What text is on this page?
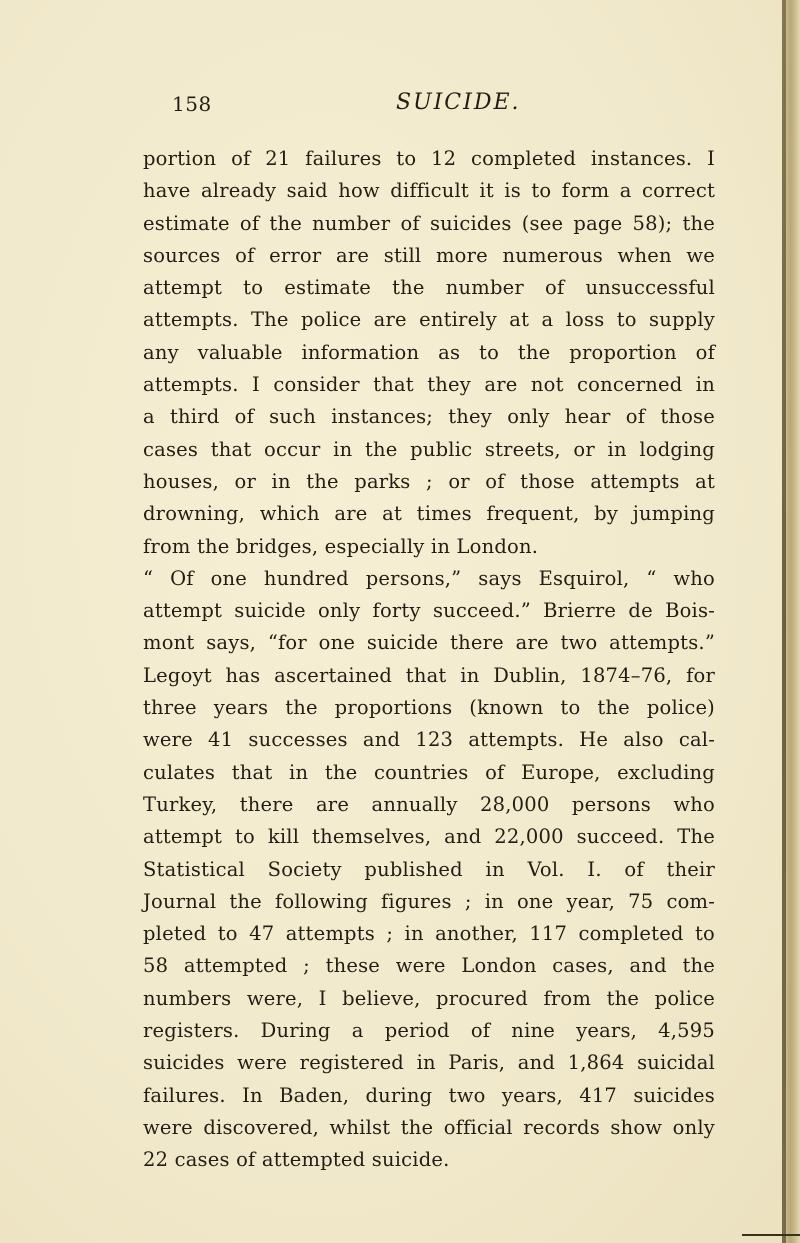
158	SUICIDE.
portion of 21 failures to 12 completed instances. I
have already said how difficult it is to form a correct
estimate of the number of suicides (see page 58); the
sources of error are still more numerous when we
attempt to estimate the number of unsuccessful
attempts. The police are entirely at a loss to supply
any valuable information as to the proportion of
attempts. I consider that they are not concerned in
a third of such instances; they only hear of those
cases that occur in the public streets, or in lodging
houses, or in the parks ; or of those attempts at
drowning, which are at times frequent, by jumping
from the bridges, especially in London.
“ Of one hundred persons,” says Esquirol, “ who
attempt suicide only forty succeed.” Brierre de Bois-
mont says, “for one suicide there are two attempts.”
Legoyt has ascertained that in Dublin, 1874–76, for
three years the proportions (known to the police)
were 41 successes and 123 attempts. He also cal-
culates that in the countries of Europe, excluding
Turkey, there are annually 28,000 persons who
attempt to kill themselves, and 22,000 succeed. The
Statistical Society published in Vol. I. of their
Journal the following figures ; in one year, 75 com-
pleted to 47 attempts ; in another, 117 completed to
58 attempted ; these were London cases, and the
numbers were, I believe, procured from the police
registers. During a period of nine years, 4,595
suicides were registered in Paris, and 1,864 suicidal
failures. In Baden, during two years, 417 suicides
were discovered, whilst the official records show only
22 cases of attempted suicide.
